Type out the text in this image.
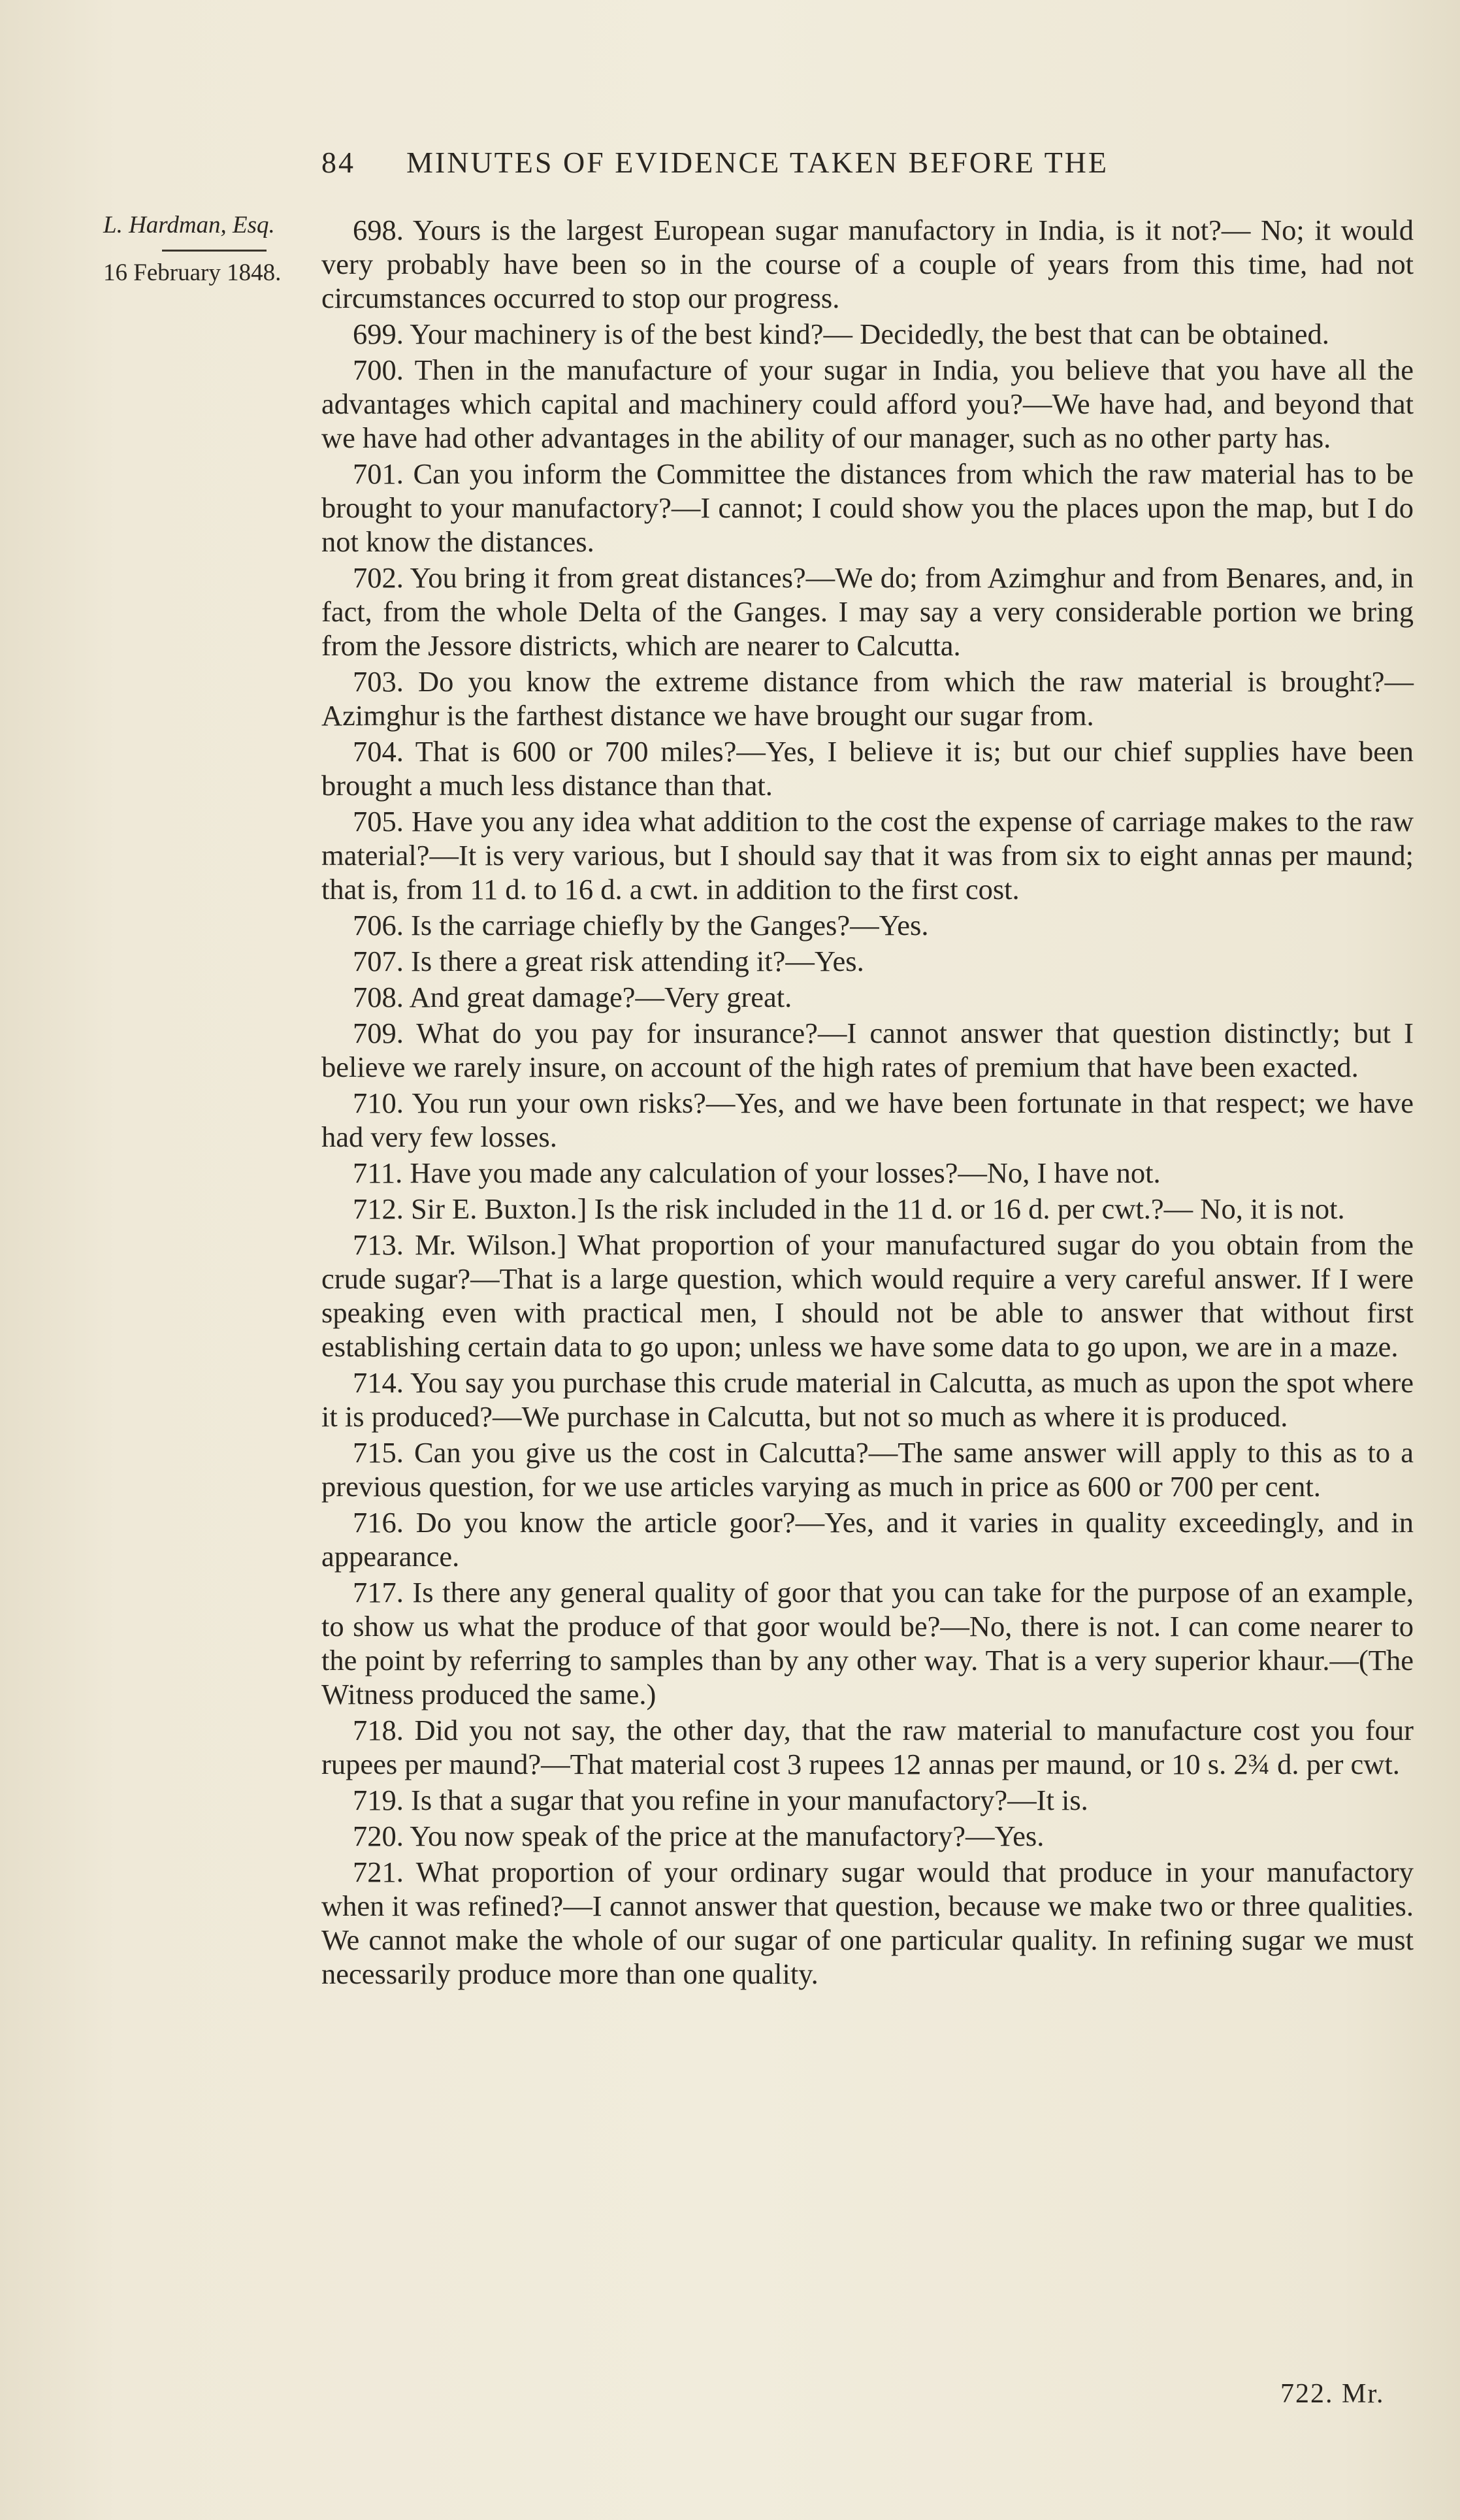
84 MINUTES OF EVIDENCE TAKEN BEFORE THE
L. Hardman, Esq.
16 February 1848.

698. Yours is the largest European sugar manufactory in India, is it not?— No; it would very probably have been so in the course of a couple of years from this time, had not circumstances occurred to stop our progress.

699. Your machinery is of the best kind?— Decidedly, the best that can be obtained.

700. Then in the manufacture of your sugar in India, you believe that you have all the advantages which capital and machinery could afford you?—We have had, and beyond that we have had other advantages in the ability of our manager, such as no other party has.

701. Can you inform the Committee the distances from which the raw material has to be brought to your manufactory?—I cannot; I could show you the places upon the map, but I do not know the distances.

702. You bring it from great distances?—We do; from Azimghur and from Benares, and, in fact, from the whole Delta of the Ganges. I may say a very considerable portion we bring from the Jessore districts, which are nearer to Calcutta.

703. Do you know the extreme distance from which the raw material is brought?—Azimghur is the farthest distance we have brought our sugar from.

704. That is 600 or 700 miles?—Yes, I believe it is; but our chief supplies have been brought a much less distance than that.

705. Have you any idea what addition to the cost the expense of carriage makes to the raw material?—It is very various, but I should say that it was from six to eight annas per maund; that is, from 11 d. to 16 d. a cwt. in addition to the first cost.

706. Is the carriage chiefly by the Ganges?—Yes.

707. Is there a great risk attending it?—Yes.

708. And great damage?—Very great.

709. What do you pay for insurance?—I cannot answer that question distinctly; but I believe we rarely insure, on account of the high rates of premium that have been exacted.

710. You run your own risks?—Yes, and we have been fortunate in that respect; we have had very few losses.

711. Have you made any calculation of your losses?—No, I have not.

712. Sir E. Buxton.] Is the risk included in the 11 d. or 16 d. per cwt.?— No, it is not.

713. Mr. Wilson.] What proportion of your manufactured sugar do you obtain from the crude sugar?—That is a large question, which would require a very careful answer. If I were speaking even with practical men, I should not be able to answer that without first establishing certain data to go upon; unless we have some data to go upon, we are in a maze.

714. You say you purchase this crude material in Calcutta, as much as upon the spot where it is produced?—We purchase in Calcutta, but not so much as where it is produced.

715. Can you give us the cost in Calcutta?—The same answer will apply to this as to a previous question, for we use articles varying as much in price as 600 or 700 per cent.

716. Do you know the article goor?—Yes, and it varies in quality exceedingly, and in appearance.

717. Is there any general quality of goor that you can take for the purpose of an example, to show us what the produce of that goor would be?—No, there is not. I can come nearer to the point by referring to samples than by any other way. That is a very superior khaur.—(The Witness produced the same.)

718. Did you not say, the other day, that the raw material to manufacture cost you four rupees per maund?—That material cost 3 rupees 12 annas per maund, or 10 s. 2¾ d. per cwt.

719. Is that a sugar that you refine in your manufactory?—It is.

720. You now speak of the price at the manufactory?—Yes.

721. What proportion of your ordinary sugar would that produce in your manufactory when it was refined?—I cannot answer that question, because we make two or three qualities. We cannot make the whole of our sugar of one particular quality. In refining sugar we must necessarily produce more than one quality.

722. Mr.
